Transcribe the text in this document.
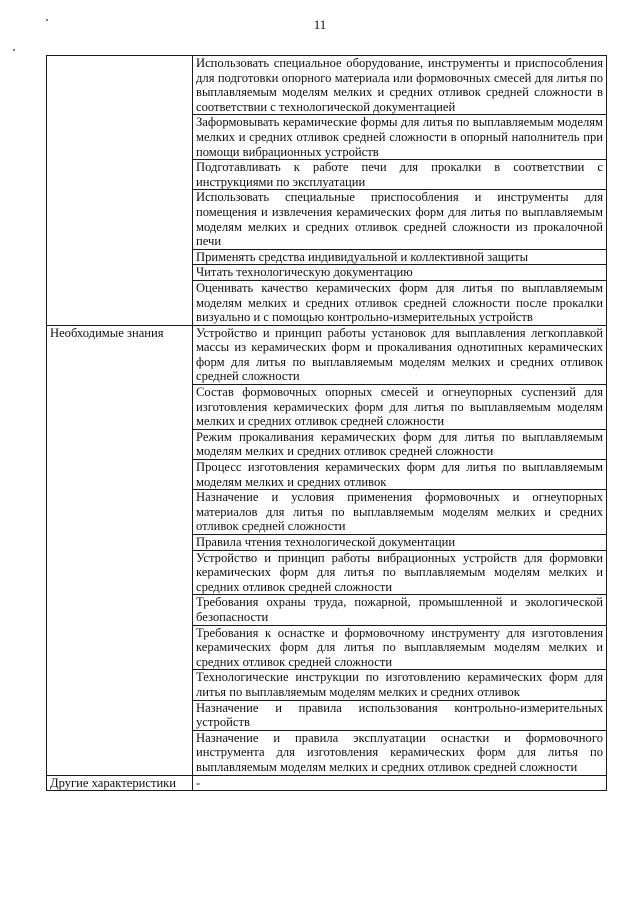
11
	Использовать специальное оборудование, инструменты и приспособления для подготовки опорного материала или формовочных смесей для литья по выплавляемым моделям мелких и средних отливок средней сложности в соответствии с технологической документацией
	Заформовывать керамические формы для литья по выплавляемым моделям мелких и средних отливок средней сложности в опорный наполнитель при помощи вибрационных устройств
	Подготавливать к работе печи для прокалки в соответствии с инструкциями по эксплуатации
	Использовать специальные приспособления и инструменты для помещения и извлечения керамических форм для литья по выплавляемым моделям мелких и средних отливок средней сложности из прокалочной печи
	Применять средства индивидуальной и коллективной защиты
	Читать технологическую документацию
	Оценивать качество керамических форм для литья по выплавляемым моделям мелких и средних отливок средней сложности после прокалки визуально и с помощью контрольно-измерительных устройств
Необходимые знания	Устройство и принцип работы установок для выплавления легкоплавкой массы из керамических форм и прокаливания однотипных керамических форм для литья по выплавляемым моделям мелких и средних отливок средней сложности
	Состав формовочных опорных смесей и огнеупорных суспензий для изготовления керамических форм для литья по выплавляемым моделям мелких и средних отливок средней сложности
	Режим прокаливания керамических форм для литья по выплавляемым моделям мелких и средних отливок средней сложности
	Процесс изготовления керамических форм для литья по выплавляемым моделям мелких и средних отливок
	Назначение и условия применения формовочных и огнеупорных материалов для литья по выплавляемым моделям мелких и средних отливок средней сложности
	Правила чтения технологической документации
	Устройство и принцип работы вибрационных устройств для формовки керамических форм для литья по выплавляемым моделям мелких и средних отливок средней сложности
	Требования охраны труда, пожарной, промышленной и экологической безопасности
	Требования к оснастке и формовочному инструменту для изготовления керамических форм для литья по выплавляемым моделям мелких и средних отливок средней сложности
	Технологические инструкции по изготовлению керамических форм для литья по выплавляемым моделям мелких и средних отливок
	Назначение и правила использования контрольно-измерительных устройств
	Назначение и правила эксплуатации оснастки и формовочного инструмента для изготовления керамических форм для литья по выплавляемым моделям мелких и средних отливок средней сложности
Другие характеристики	-
